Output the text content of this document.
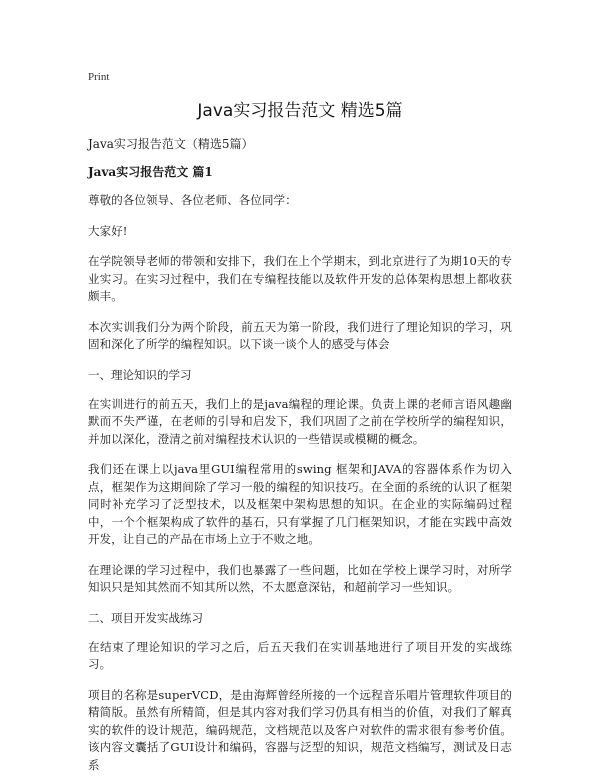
Print
Java实习报告范文 精选5篇

Java实习报告范文（精选5篇）

Java实习报告范文 篇1

尊敬的各位领导、各位老师、各位同学：

大家好!

在学院领导老师的带领和安排下，我们在上个学期末，到北京进行了为期10天的专业实习。在实习过程中，我们在专编程技能以及软件开发的总体架构思想上都收获颇丰。

本次实训我们分为两个阶段，前五天为第一阶段，我们进行了理论知识的学习，巩固和深化了所学的编程知识。以下谈一谈个人的感受与体会

一、理论知识的学习

在实训进行的前五天，我们上的是java编程的理论课。负责上课的老师言语风趣幽默而不失严谨，在老师的引导和启发下，我们巩固了之前在学校所学的编程知识，并加以深化，澄清之前对编程技术认识的一些错误或模糊的概念。

我们还在课上以java里GUI编程常用的swing 框架和JAVA的容器体系作为切入点，框架作为这期间除了学习一般的编程的知识技巧。在全面的系统的认识了框架同时补充学习了泛型技术，以及框架中架构思想的知识。在企业的实际编码过程中，一个个框架构成了软件的基石，只有掌握了几门框架知识，才能在实践中高效开发，让自己的产品在市场上立于不败之地。

在理论课的学习过程中，我们也暴露了一些问题，比如在学校上课学习时，对所学知识只是知其然而不知其所以然，不太愿意深钻，和超前学习一些知识。

二、项目开发实战练习

在结束了理论知识的学习之后，后五天我们在实训基地进行了项目开发的实战练习。

项目的名称是superVCD，是由海辉曾经所接的一个远程音乐唱片管理软件项目的精简版。虽然有所精简，但是其内容对我们学习仍具有相当的价值，对我们了解真实的软件的设计规范，编码规范，文档规范以及客户对软件的需求很有参考价值。该内容文囊括了GUI设计和编码，容器与泛型的知识，规范文档编写，测试及日志系
